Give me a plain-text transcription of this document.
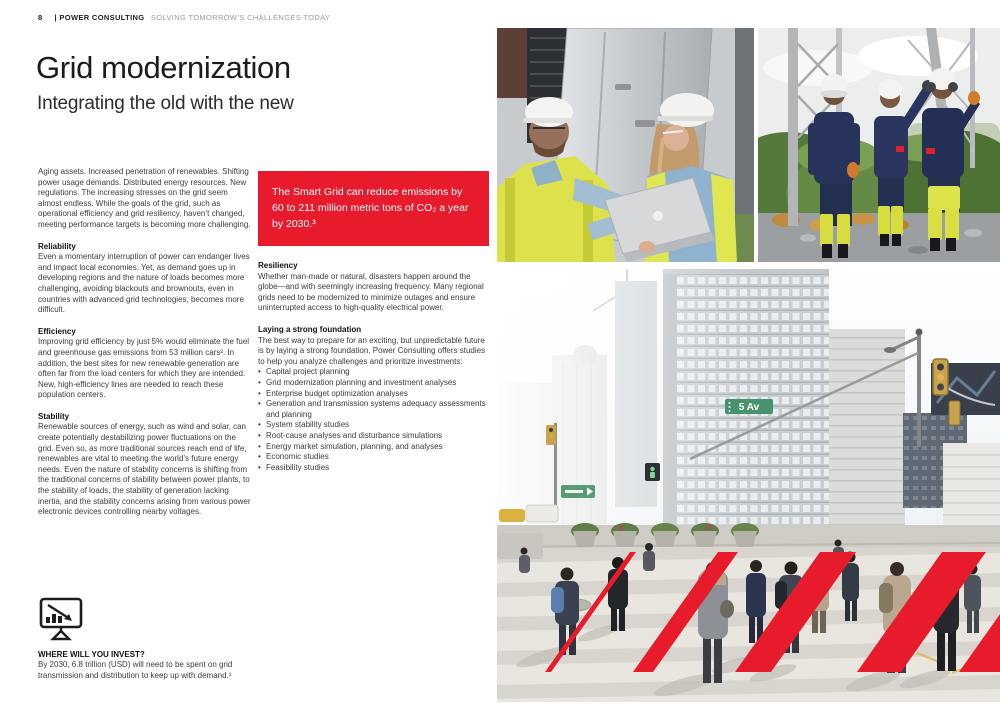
8 | POWER CONSULTING SOLVING TOMORROW’S CHALLENGES TODAY
Grid modernization
Integrating the old with the new

Aging assets. Increased penetration of renewables. Shifting power usage demands. Distributed energy resources. New regulations. The increasing stresses on the grid seem almost endless. While the goals of the grid, such as operational efficiency and grid resiliency, haven’t changed, meeting performance targets is becoming more challenging.

Reliability

Even a momentary interruption of power can endanger lives and impact local economies. Yet, as demand goes up in developing regions and the nature of loads becomes more challenging, avoiding blackouts and brownouts, even in countries with advanced grid technologies, becomes more difficult.

Efficiency

Improving grid efficiency by just 5% would eliminate the fuel and greenhouse gas emissions from 53 million cars². In addition, the best sites for new renewable generation are often far from the load centers for which they are intended. New, high-efficiency lines are needed to reach these population centers.

Stability

Renewable sources of energy, such as wind and solar, can create potentially destabilizing power fluctuations on the grid. Even so, as more traditional sources reach end of life, renewables are vital to meeting the world’s future energy needs. Even the nature of stability concerns is shifting from the traditional concerns of stability between power plants, to the stability of loads, the stability of generation lacking inertia, and the stability concerns arising from various power electronic devices controlling nearby voltages.

The Smart Grid can reduce emissions by 60 to 211 million metric tons of CO₂ a year by 2030.³

Resiliency

Whether man-made or natural, disasters happen around the globe—and with seemingly increasing frequency. Many regional grids need to be modernized to minimize outages and ensure uninterrupted access to high-quality electrical power.

Laying a strong foundation

The best way to prepare for an exciting, but unpredictable future is by laying a strong foundation. Power Consulting offers studies to help you analyze challenges and prioritize investments:

• Capital project planning
• Grid modernization planning and investment analyses
• Enterprise budget optimization analyses
• Generation and transmission systems adequacy assessments and planning
• System stability studies
• Root-cause analyses and disturbance simulations
• Energy market simulation, planning, and analyses
• Economic studies
• Feasibility studies

WHERE WILL YOU INVEST?

By 2030, 6.8 trillion (USD) will need to be spent on grid transmission and distribution to keep up with demand.¹

5 Av
